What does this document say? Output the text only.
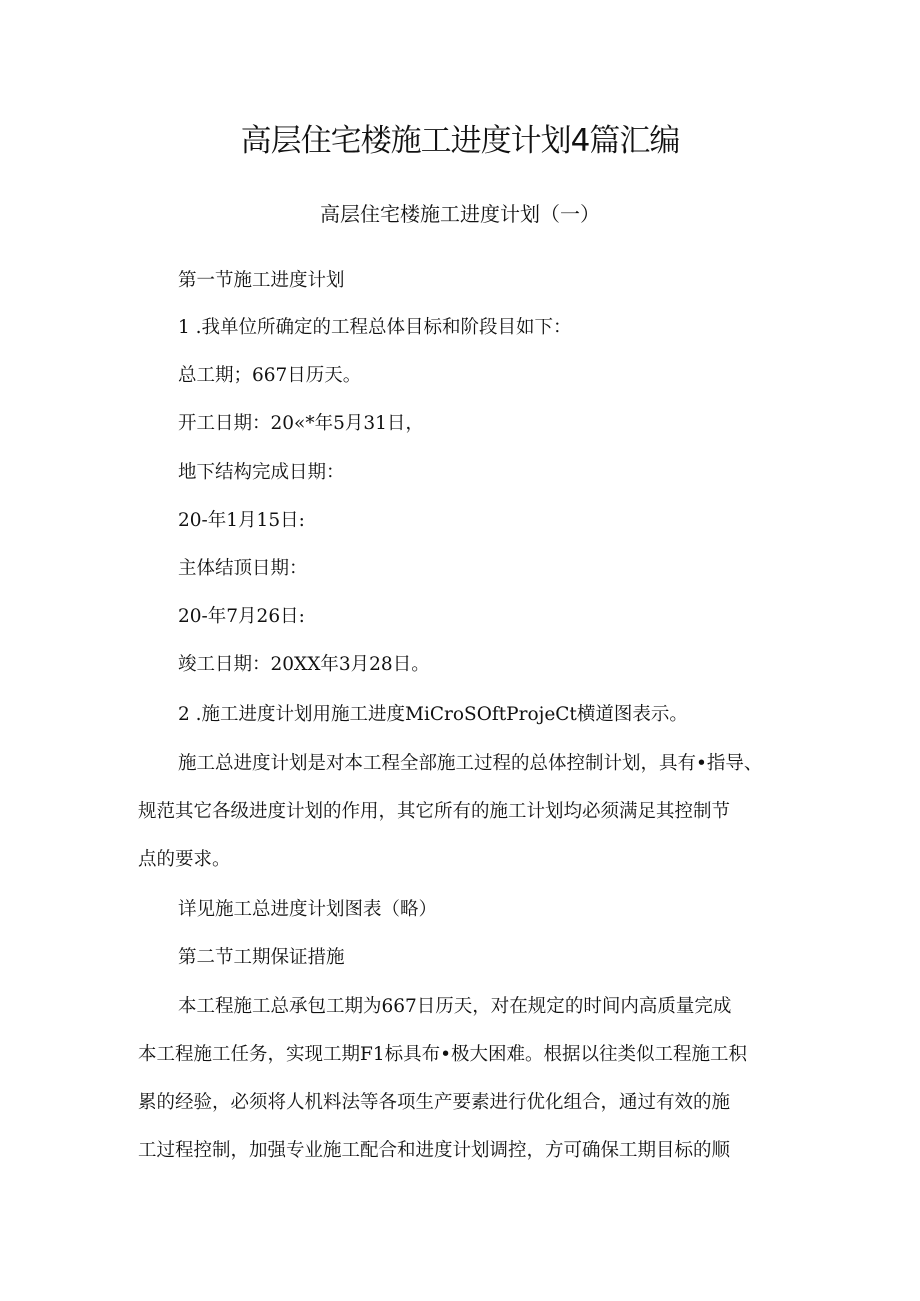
高层住宅楼施工进度计划4篇汇编
高层住宅楼施工进度计划（一）
第一节施工进度计划
1 .我单位所确定的工程总体目标和阶段目如下：
总工期；667日历天。
开工日期：20«*年5月31日，
地下结构完成日期：
20-年1月15日:
主体结顶日期：
20-年7月26日:
竣工日期：20XX年3月28日。
2 .施工进度计划用施工进度MiCroSOftProjeCt横道图表示。
施工总进度计划是对本工程全部施工过程的总体控制计划，具有•指导、
规范其它各级进度计划的作用，其它所有的施工计划均必须满足其控制节
点的要求。
详见施工总进度计划图表（略）
第二节工期保证措施
本工程施工总承包工期为667日历天，对在规定的时间内高质量完成
本工程施工任务，实现工期F1标具布•极大困难。根据以往类似工程施工积
累的经验，必须将人机料法等各项生产要素进行优化组合，通过有效的施
工过程控制，加强专业施工配合和进度计划调控，方可确保工期目标的顺
